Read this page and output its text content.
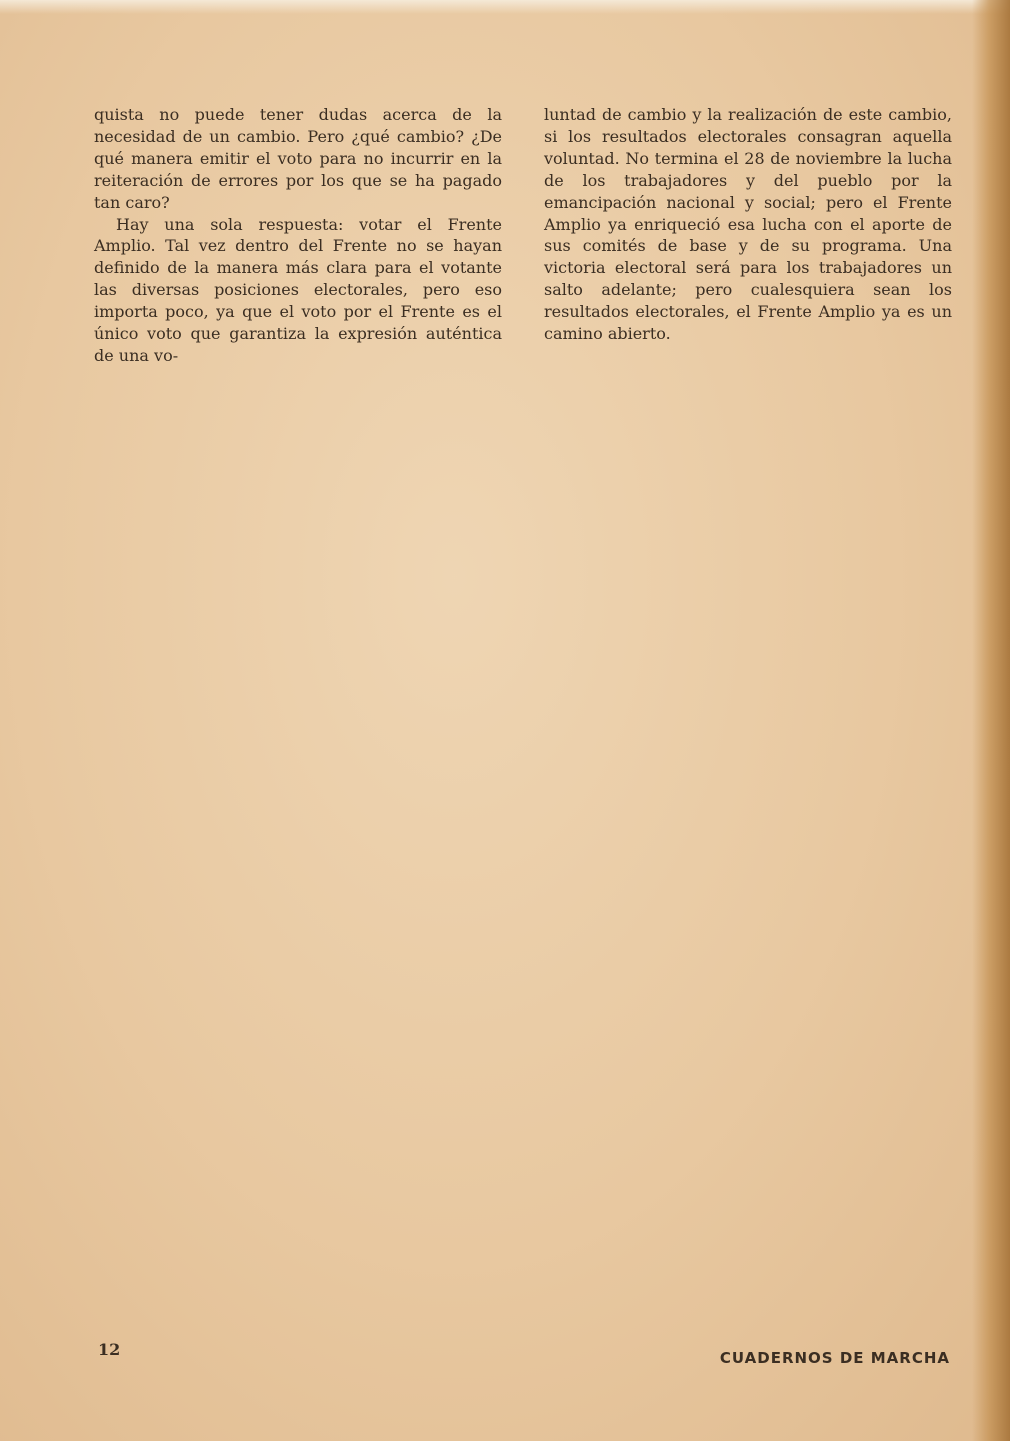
quista no puede tener dudas acerca de la necesidad de un cambio. Pero ¿qué cambio? ¿De qué manera emitir el voto para no incurrir en la reiteración de errores por los que se ha pagado tan caro?

Hay una sola respuesta: votar el Frente Amplio. Tal vez dentro del Frente no se hayan definido de la manera más clara para el votante las diversas posiciones electorales, pero eso importa poco, ya que el voto por el Frente es el único voto que garantiza la expresión auténtica de una vo-

luntad de cambio y la realización de este cambio, si los resultados electorales consagran aquella voluntad. No termina el 28 de noviembre la lucha de los trabajadores y del pueblo por la emancipación nacional y social; pero el Frente Amplio ya enriqueció esa lucha con el aporte de sus comités de base y de su programa. Una victoria electoral será para los trabajadores un salto adelante; pero cualesquiera sean los resultados electorales, el Frente Amplio ya es un camino abierto.

12	CUADERNOS DE MARCHA
